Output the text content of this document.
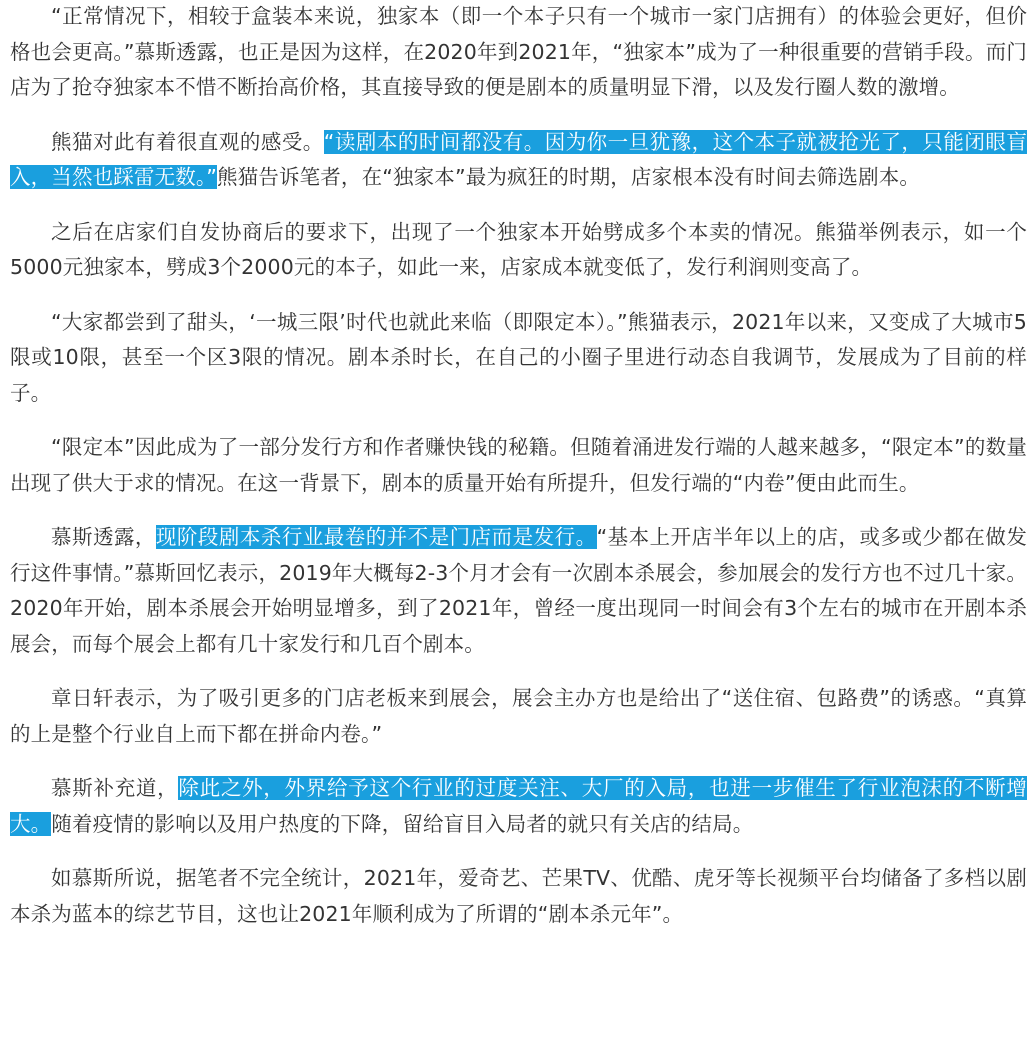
“正常情况下，相较于盒装本来说，独家本（即一个本子只有一个城市一家门店拥有）的体验会更好，但价格也会更高。”慕斯透露，也正是因为这样，在2020年到2021年，“独家本”成为了一种很重要的营销手段。而门店为了抢夺独家本不惜不断抬高价格，其直接导致的便是剧本的质量明显下滑，以及发行圈人数的激增。

熊猫对此有着很直观的感受。“读剧本的时间都没有。因为你一旦犹豫，这个本子就被抢光了，只能闭眼盲入，当然也踩雷无数。”熊猫告诉笔者，在“独家本”最为疯狂的时期，店家根本没有时间去筛选剧本。

之后在店家们自发协商后的要求下，出现了一个独家本开始劈成多个本卖的情况。熊猫举例表示，如一个5000元独家本，劈成3个2000元的本子，如此一来，店家成本就变低了，发行利润则变高了。

“大家都尝到了甜头，‘一城三限’时代也就此来临（即限定本）。”熊猫表示，2021年以来，又变成了大城市5限或10限，甚至一个区3限的情况。剧本杀时长，在自己的小圈子里进行动态自我调节，发展成为了目前的样子。

“限定本”因此成为了一部分发行方和作者赚快钱的秘籍。但随着涌进发行端的人越来越多，“限定本”的数量出现了供大于求的情况。在这一背景下，剧本的质量开始有所提升，但发行端的“内卷”便由此而生。

慕斯透露，现阶段剧本杀行业最卷的并不是门店而是发行。“基本上开店半年以上的店，或多或少都在做发行这件事情。”慕斯回忆表示，2019年大概每2-3个月才会有一次剧本杀展会，参加展会的发行方也不过几十家。2020年开始，剧本杀展会开始明显增多，到了2021年，曾经一度出现同一时间会有3个左右的城市在开剧本杀展会，而每个展会上都有几十家发行和几百个剧本。

章日轩表示，为了吸引更多的门店老板来到展会，展会主办方也是给出了“送住宿、包路费”的诱惑。“真算的上是整个行业自上而下都在拼命内卷。”

慕斯补充道，除此之外，外界给予这个行业的过度关注、大厂的入局，也进一步催生了行业泡沫的不断增大。随着疫情的影响以及用户热度的下降，留给盲目入局者的就只有关店的结局。

如慕斯所说，据笔者不完全统计，2021年，爱奇艺、芒果TV、优酷、虎牙等长视频平台均储备了多档以剧本杀为蓝本的综艺节目，这也让2021年顺利成为了所谓的“剧本杀元年”。
